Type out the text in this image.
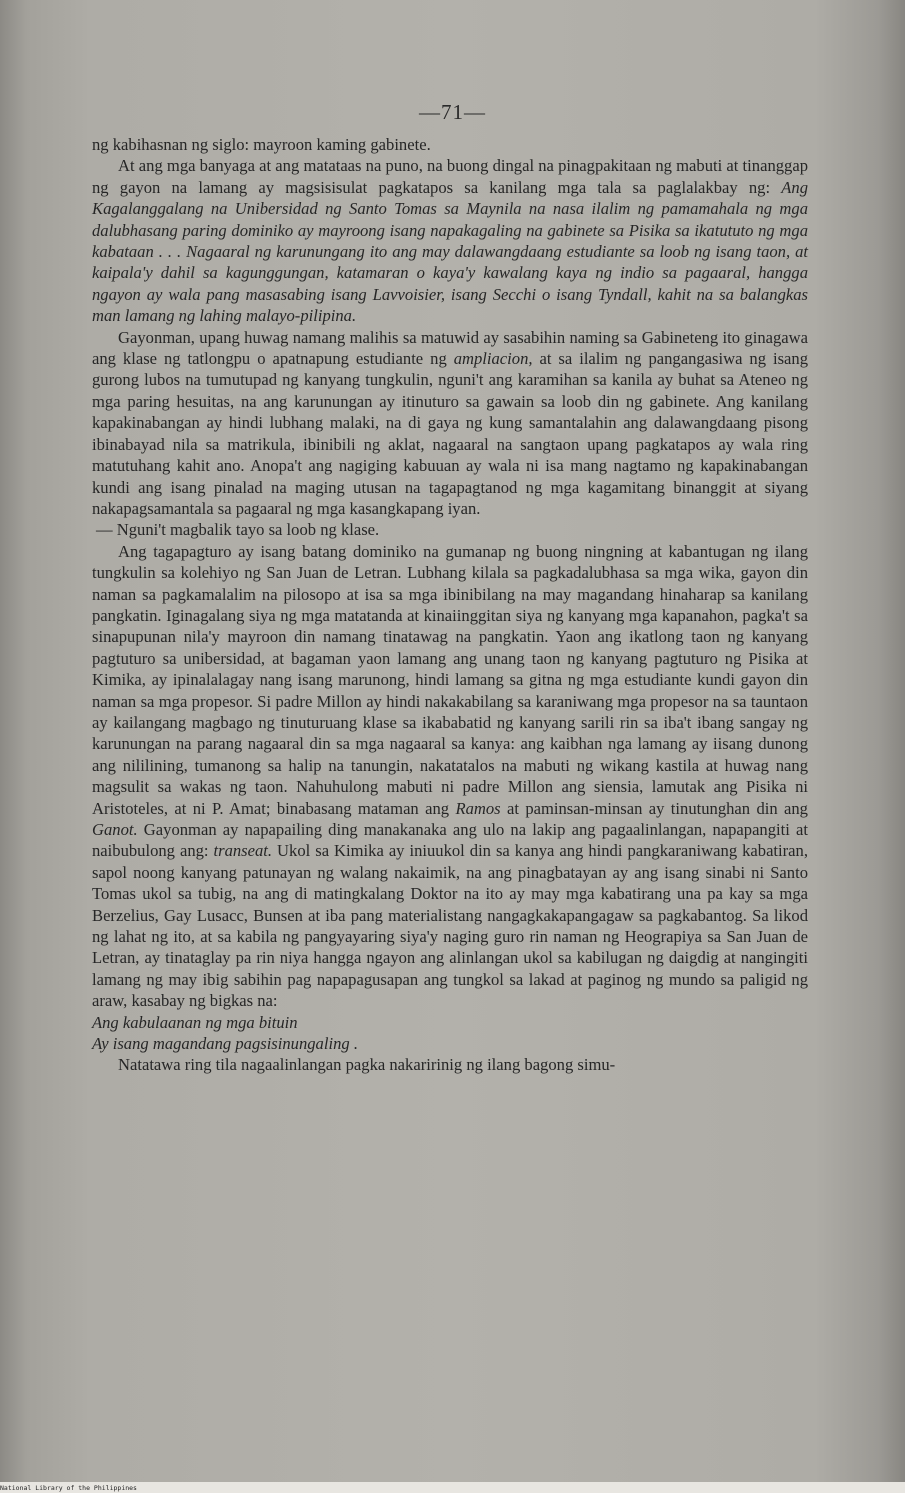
—71—

ng kabihasnan ng siglo: mayroon kaming gabinete.

At ang mga banyaga at ang matataas na puno, na buong dingal na pinagpakitaan ng mabuti at tinanggap ng gayon na lamang ay magsisisulat pagkatapos sa kanilang mga tala sa paglalakbay ng: Ang Kagalanggalang na Unibersidad ng Santo Tomas sa Maynila na nasa ilalim ng pamamahala ng mga dalubhasang paring dominiko ay mayroong isang napakagaling na gabinete sa Pisika sa ikatututo ng mga kabataan . . . Nagaaral ng karunungang ito ang may dalawangdaang estudiante sa loob ng isang taon, at kaipala'y dahil sa kagunggungan, katamaran o kaya'y kawalang kaya ng indio sa pagaaral, hangga ngayon ay wala pang masasabing isang Lavvoisier, isang Secchi o isang Tyndall, kahit na sa balangkas man lamang ng lahing malayo-pilipina.

Gayonman, upang huwag namang malihis sa matuwid ay sasabihin naming sa Gabineteng ito ginagawa ang klase ng tatlongpu o apatnapung estudiante ng ampliacion, at sa ilalim ng pangangasiwa ng isang gurong lubos na tumutupad ng kanyang tungkulin, nguni't ang karamihan sa kanila ay buhat sa Ateneo ng mga paring hesuitas, na ang karunungan ay itinuturo sa gawain sa loob din ng gabinete. Ang kanilang kapakinabangan ay hindi lubhang malaki, na di gaya ng kung samantalahin ang dalawangdaang pisong ibinabayad nila sa matrikula, ibinibili ng aklat, nagaaral na sangtaon upang pagkatapos ay wala ring matutuhang kahit ano. Anopa't ang nagiging kabuuan ay wala ni isa mang nagtamo ng kapakinabangan kundi ang isang pinalad na maging utusan na tagapagtanod ng mga kagamitang binanggit at siyang nakapagsamantala sa pagaaral ng mga kasangkapang iyan.

— Nguni't magbalik tayo sa loob ng klase.

Ang tagapagturo ay isang batang dominiko na gumanap ng buong ningning at kabantugan ng ilang tungkulin sa kolehiyo ng San Juan de Letran. Lubhang kilala sa pagkadalubhasa sa mga wika, gayon din naman sa pagkamalalim na pilosopo at isa sa mga ibinibilang na may magandang hinaharap sa kanilang pangkatin. Iginagalang siya ng mga matatanda at kinaiinggitan siya ng kanyang mga kapanahon, pagka't sa sinapupunan nila'y mayroon din namang tinatawag na pangkatin. Yaon ang ikatlong taon ng kanyang pagtuturo sa unibersidad, at bagaman yaon lamang ang unang taon ng kanyang pagtuturo ng Pisika at Kimika, ay ipinalalagay nang isang marunong, hindi lamang sa gitna ng mga estudiante kundi gayon din naman sa mga propesor. Si padre Millon ay hindi nakakabilang sa karaniwang mga propesor na sa tauntaon ay kailangang magbago ng tinuturuang klase sa ikababatid ng kanyang sarili rin sa iba't ibang sangay ng karunungan na parang nagaaral din sa mga nagaaral sa kanya: ang kaibhan nga lamang ay iisang dunong ang nililining, tumanong sa halip na tanungin, nakatatalos na mabuti ng wikang kastila at huwag nang magsulit sa wakas ng taon. Nahuhulong mabuti ni padre Millon ang siensia, lamutak ang Pisika ni Aristoteles, at ni P. Amat; binabasang mataman ang Ramos at paminsan-minsan ay tinutunghan din ang Ganot. Gayonman ay napapailing ding manakanaka ang ulo na lakip ang pagaalinlangan, napapangiti at naibubulong ang: transeat. Ukol sa Kimika ay iniuukol din sa kanya ang hindi pangkaraniwang kabatiran, sapol noong kanyang patunayan ng walang nakaimik, na ang pinagbatayan ay ang isang sinabi ni Santo Tomas ukol sa tubig, na ang di matingkalang Doktor na ito ay may mga kabatirang una pa kay sa mga Berzelius, Gay Lusacc, Bunsen at iba pang materialistang nangagkakapangagaw sa pagkabantog. Sa likod ng lahat ng ito, at sa kabila ng pangyayaring siya'y naging guro rin naman ng Heograpiya sa San Juan de Letran, ay tinataglay pa rin niya hangga ngayon ang alinlangan ukol sa kabilugan ng daigdig at nangingiti lamang ng may ibig sabihin pag napapagusapan ang tungkol sa lakad at paginog ng mundo sa paligid ng araw, kasabay ng bigkas na:

Ang kabulaanan ng mga bituin

Ay isang magandang pagsisinungaling .

Natatawa ring tila nagaalinlangan pagka nakaririnig ng ilang bagong simu-

National Library of the Philippines
